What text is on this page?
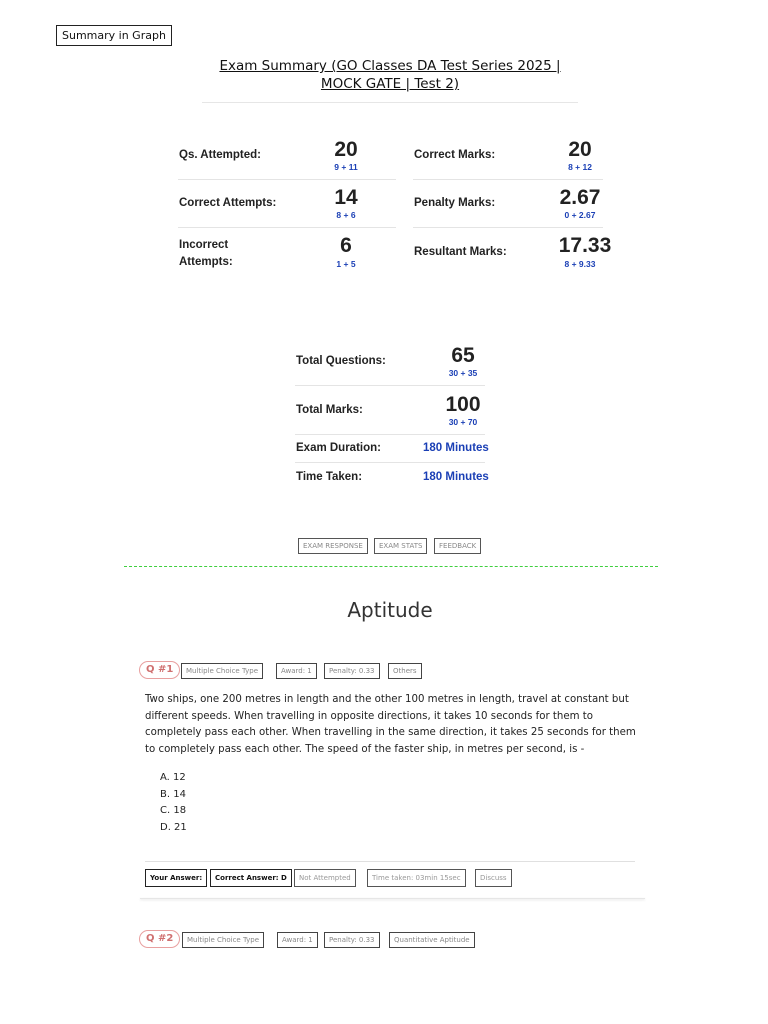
Summary in Graph
Exam Summary (GO Classes DA Test Series 2025 | MOCK GATE | Test 2)
Qs. Attempted:	20
9 + 11
Correct Attempts:	14
8 + 6
Incorrect Attempts:
6
1 + 5
Correct Marks:	20
8 + 12
Penalty Marks:	2.67
0 + 2.67
Resultant Marks:	17.33
8 + 9.33
Total Questions:	65
30 + 35
Total Marks:	100
30 + 70
Exam Duration:	180 Minutes
Time Taken:	180 Minutes
EXAM RESPONSE	EXAM STATS	FEEDBACK
Aptitude
Q #1	Multiple Choice Type	Award: 1	Penalty: 0.33	Others
Two ships, one 200 metres in length and the other 100 metres in length, travel at constant but different speeds. When travelling in opposite directions, it takes 10 seconds for them to completely pass each other. When travelling in the same direction, it takes 25 seconds for them to completely pass each other. The speed of the faster ship, in metres per second, is -
A. 12
B. 14
C. 18
D. 21
Your Answer:	Correct Answer: D	Not Attempted	Time taken: 03min 15sec	Discuss
Q #2	Multiple Choice Type	Award: 1	Penalty: 0.33	Quantitative Aptitude
